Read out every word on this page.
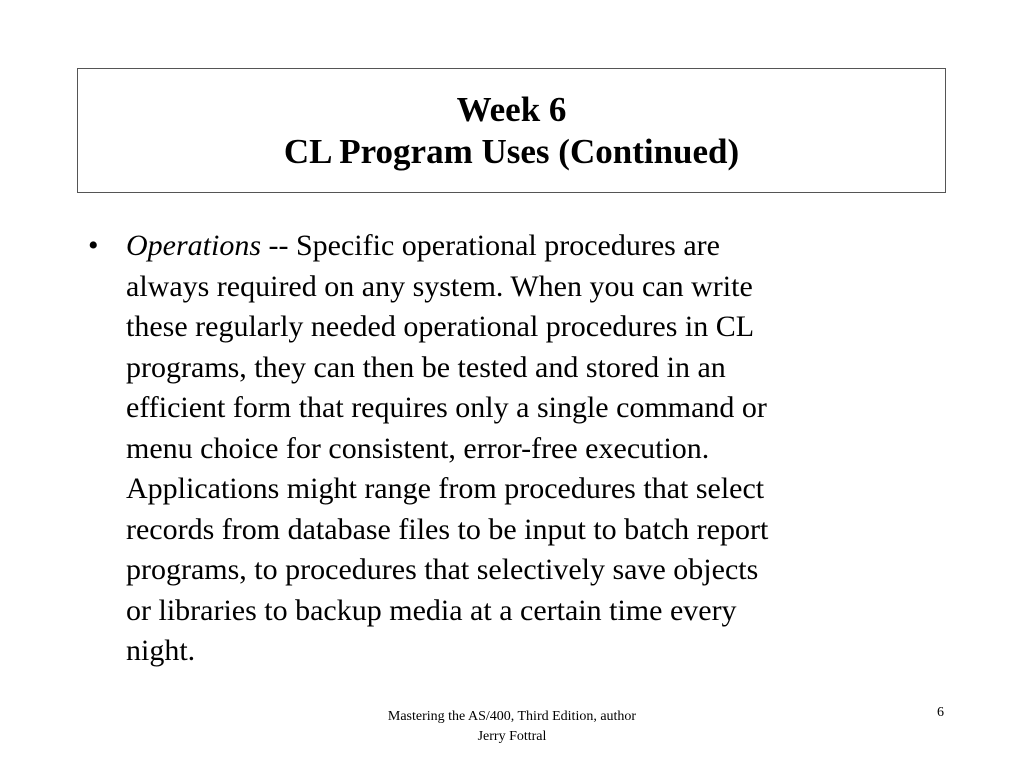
Week 6
CL Program Uses (Continued)
• Operations -- Specific operational procedures are
always required on any system. When you can write
these regularly needed operational procedures in CL
programs, they can then be tested and stored in an
efficient form that requires only a single command or
menu choice for consistent, error-free execution.
Applications might range from procedures that select
records from database files to be input to batch report
programs, to procedures that selectively save objects
or libraries to backup media at a certain time every
night.
Mastering the AS/400, Third Edition, author
Jerry Fottral
6
